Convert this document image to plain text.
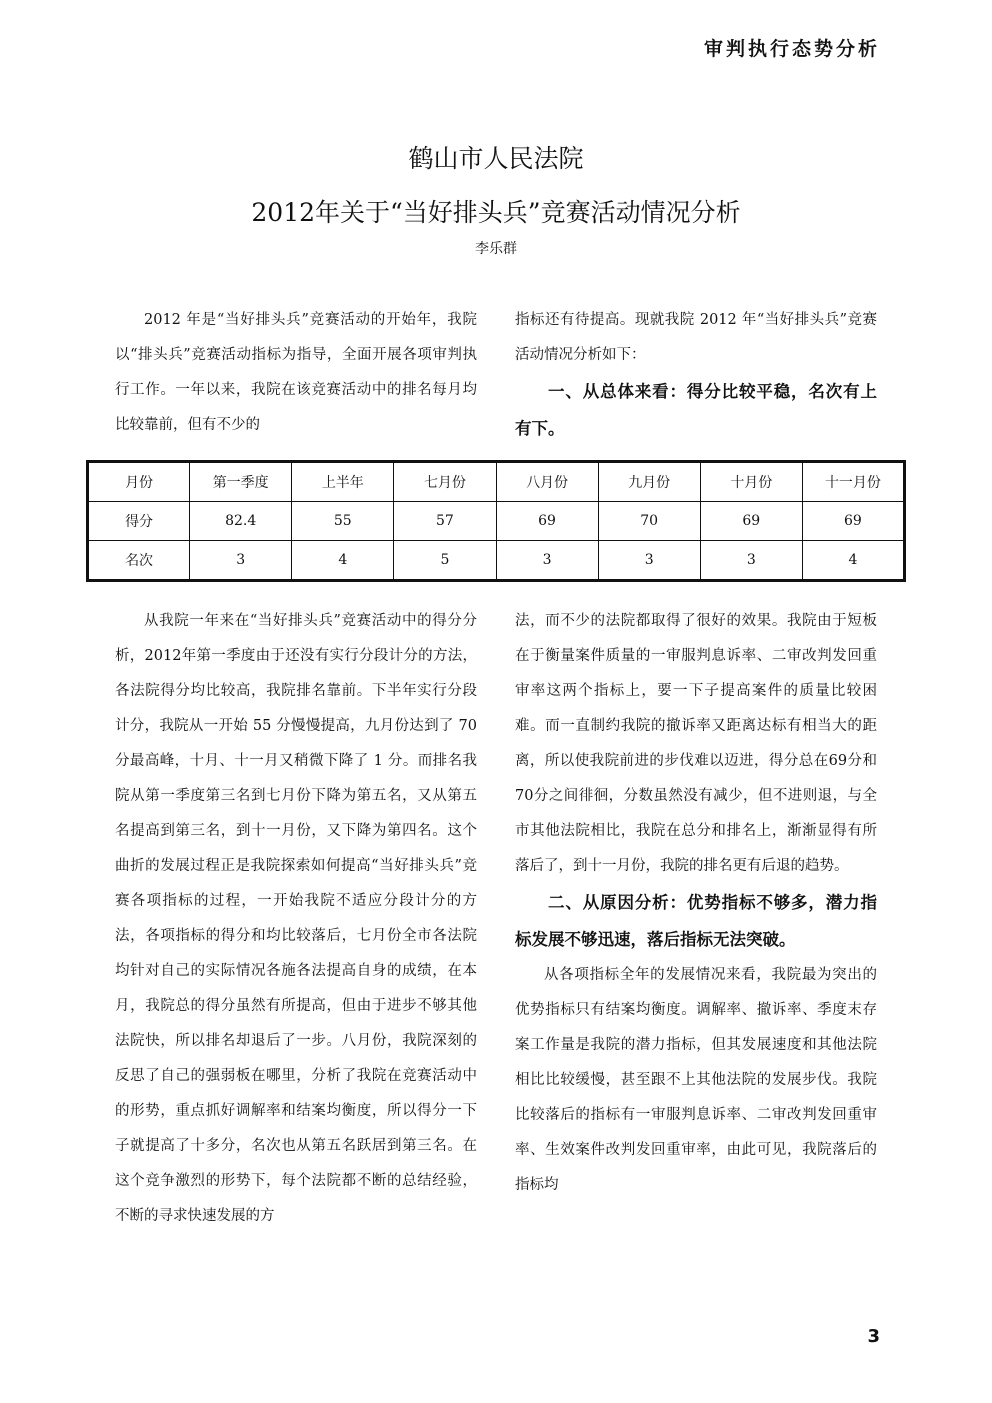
审判执行态势分析
鹤山市人民法院
2012年关于“当好排头兵”竞赛活动情况分析
李乐群

2012 年是“当好排头兵”竞赛活动的开始年，我院以“排头兵”竞赛活动指标为指导，全面开展各项审判执行工作。一年以来，我院在该竞赛活动中的排名每月均比较靠前，但有不少的

指标还有待提高。现就我院 2012 年“当好排头兵”竞赛活动情况分析如下：

一、从总体来看：得分比较平稳，名次有上有下。

月份	第一季度	上半年	七月份	八月份	九月份	十月份	十一月份
得分	82.4	55	57	69	70	69	69
名次	3	4	5	3	3	3	4

从我院一年来在“当好排头兵”竞赛活动中的得分分析，2012年第一季度由于还没有实行分段计分的方法，各法院得分均比较高，我院排名靠前。下半年实行分段计分，我院从一开始 55 分慢慢提高，九月份达到了 70 分最高峰，十月、十一月又稍微下降了 1 分。而排名我院从第一季度第三名到七月份下降为第五名，又从第五名提高到第三名，到十一月份，又下降为第四名。这个曲折的发展过程正是我院探索如何提高“当好排头兵”竞赛各项指标的过程，一开始我院不适应分段计分的方法，各项指标的得分和均比较落后，七月份全市各法院均针对自己的实际情况各施各法提高自身的成绩，在本月，我院总的得分虽然有所提高，但由于进步不够其他法院快，所以排名却退后了一步。八月份，我院深刻的反思了自己的强弱板在哪里，分析了我院在竞赛活动中的形势，重点抓好调解率和结案均衡度，所以得分一下子就提高了十多分，名次也从第五名跃居到第三名。在这个竞争激烈的形势下，每个法院都不断的总结经验，不断的寻求快速发展的方

法，而不少的法院都取得了很好的效果。我院由于短板在于衡量案件质量的一审服判息诉率、二审改判发回重审率这两个指标上，要一下子提高案件的质量比较困难。而一直制约我院的撤诉率又距离达标有相当大的距离，所以使我院前进的步伐难以迈进，得分总在69分和70分之间徘徊，分数虽然没有减少，但不进则退，与全市其他法院相比，我院在总分和排名上，渐渐显得有所落后了，到十一月份，我院的排名更有后退的趋势。

二、从原因分析：优势指标不够多，潜力指标发展不够迅速，落后指标无法突破。

从各项指标全年的发展情况来看，我院最为突出的优势指标只有结案均衡度。调解率、撤诉率、季度末存案工作量是我院的潜力指标，但其发展速度和其他法院相比比较缓慢，甚至跟不上其他法院的发展步伐。我院比较落后的指标有一审服判息诉率、二审改判发回重审率、生效案件改判发回重审率，由此可见，我院落后的指标均

3
